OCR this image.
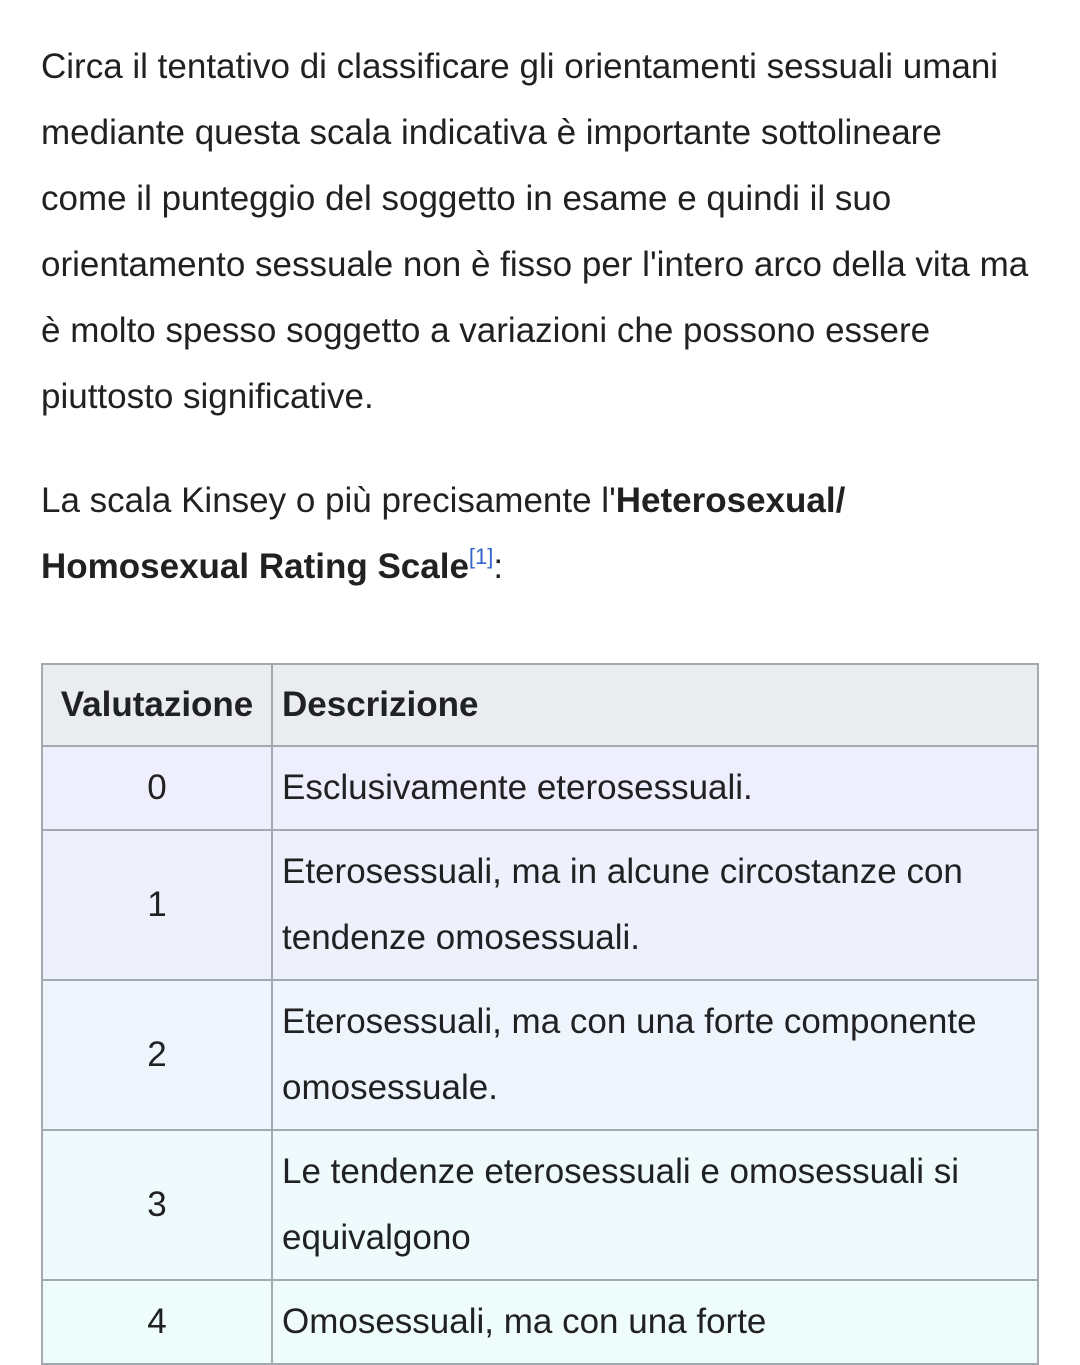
Circa il tentativo di classificare gli orientamenti sessuali umani mediante questa scala indicativa è importante sottolineare come il punteggio del soggetto in esame e quindi il suo orientamento sessuale non è fisso per l'intero arco della vita ma è molto spesso soggetto a variazioni che possono essere piuttosto significative.

La scala Kinsey o più precisamente l'Heterosexual/ Homosexual Rating Scale[1]:

Valutazione	Descrizione
0	Esclusivamente eterosessuali.
1	Eterosessuali, ma in alcune circostanze con tendenze omosessuali.
2	Eterosessuali, ma con una forte componente omosessuale.
3	Le tendenze eterosessuali e omosessuali si equivalgono
4	Omosessuali, ma con una forte
